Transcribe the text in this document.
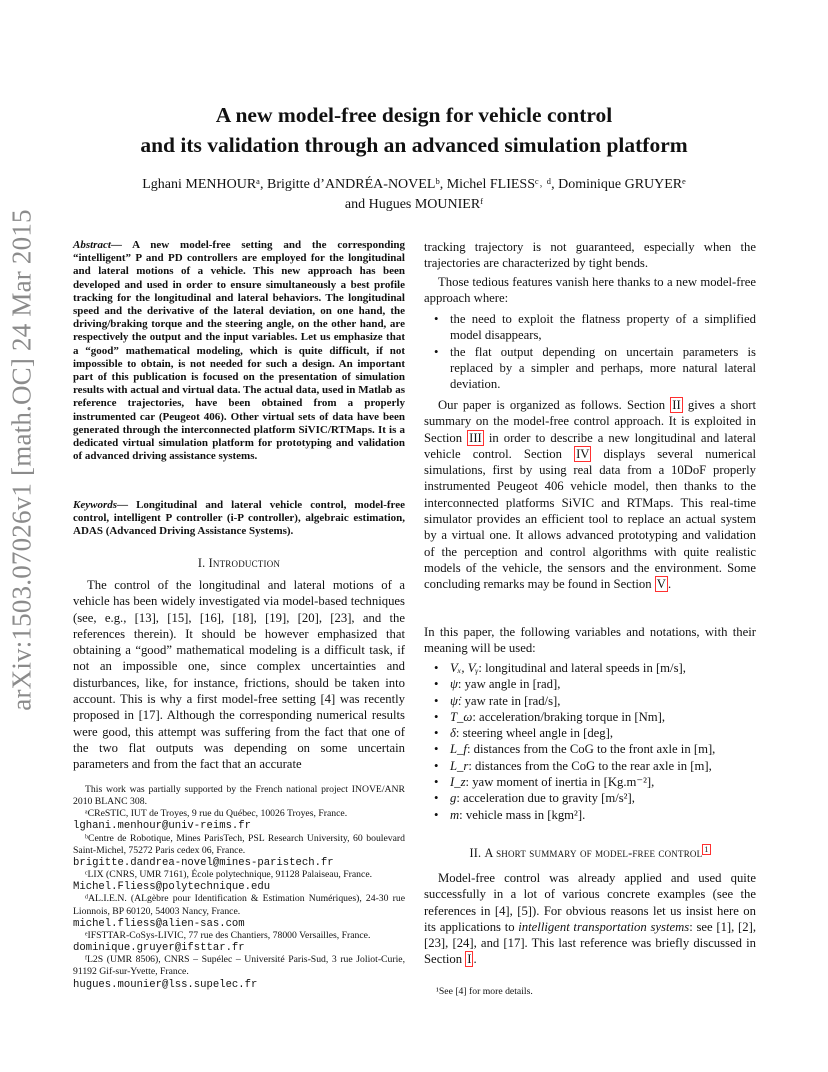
arXiv:1503.07026v1 [math.OC] 24 Mar 2015
A new model-free design for vehicle control
and its validation through an advanced simulation platform
Lghani MENHOURᵃ, Brigitte d’ANDRÉA-NOVELᵇ, Michel FLIESSᶜ˒ ᵈ, Dominique GRUYERᵉ
and Hugues MOUNIERᶠ
Abstract— A new model-free setting and the corresponding “intelligent” P and PD controllers are employed for the longitudinal and lateral motions of a vehicle. This new approach has been developed and used in order to ensure simultaneously a best profile tracking for the longitudinal and lateral behaviors. The longitudinal speed and the derivative of the lateral deviation, on one hand, the driving/braking torque and the steering angle, on the other hand, are respectively the output and the input variables. Let us emphasize that a “good” mathematical modeling, which is quite difficult, if not impossible to obtain, is not needed for such a design. An important part of this publication is focused on the presentation of simulation results with actual and virtual data. The actual data, used in Matlab as reference trajectories, have been obtained from a properly instrumented car (Peugeot 406). Other virtual sets of data have been generated through the interconnected platform SiVIC/RTMaps. It is a dedicated virtual simulation platform for prototyping and validation of advanced driving assistance systems.
Keywords— Longitudinal and lateral vehicle control, model-free control, intelligent P controller (i-P controller), algebraic estimation, ADAS (Advanced Driving Assistance Systems).
I. Introduction

The control of the longitudinal and lateral motions of a vehicle has been widely investigated via model-based techniques (see, e.g., [13], [15], [16], [18], [19], [20], [23], and the references therein). It should be however emphasized that obtaining a “good” mathematical modeling is a difficult task, if not an impossible one, since complex uncertainties and disturbances, like, for instance, frictions, should be taken into account. This is why a first model-free setting [4] was recently proposed in [17]. Although the corresponding numerical results were good, this attempt was suffering from the fact that one of the two flat outputs was depending on some uncertain parameters and from the fact that an accurate

This work was partially supported by the French national project INOVE/ANR 2010 BLANC 308.

ᵃCReSTIC, IUT de Troyes, 9 rue du Québec, 10026 Troyes, France.

lghani.menhour@univ-reims.fr

ᵇCentre de Robotique, Mines ParisTech, PSL Research University, 60 boulevard Saint-Michel, 75272 Paris cedex 06, France.

brigitte.dandrea-novel@mines-paristech.fr

ᶜLIX (CNRS, UMR 7161), École polytechnique, 91128 Palaiseau, France.

Michel.Fliess@polytechnique.edu

ᵈAL.I.E.N. (ALgèbre pour Identification & Estimation Numériques), 24-30 rue Lionnois, BP 60120, 54003 Nancy, France.

michel.fliess@alien-sas.com

ᵉIFSTTAR-CoSys-LIVIC, 77 rue des Chantiers, 78000 Versailles, France.

dominique.gruyer@ifsttar.fr

ᶠL2S (UMR 8506), CNRS – Supélec – Université Paris-Sud, 3 rue Joliot-Curie, 91192 Gif-sur-Yvette, France.

hugues.mounier@lss.supelec.fr

tracking trajectory is not guaranteed, especially when the trajectories are characterized by tight bends.

Those tedious features vanish here thanks to a new model-free approach where:

• the need to exploit the flatness property of a simplified model disappears,
• the flat output depending on uncertain parameters is replaced by a simpler and perhaps, more natural lateral deviation.

Our paper is organized as follows. Section II gives a short summary on the model-free control approach. It is exploited in Section III in order to describe a new longitudinal and lateral vehicle control. Section IV displays several numerical simulations, first by using real data from a 10DoF properly instrumented Peugeot 406 vehicle model, then thanks to the interconnected platforms SiVIC and RTMaps. This real-time simulator provides an efficient tool to replace an actual system by a virtual one. It allows advanced prototyping and validation of the perception and control algorithms with quite realistic models of the vehicle, the sensors and the environment. Some concluding remarks may be found in Section V .

In this paper, the following variables and notations, with their meaning will be used:

• Vₓ, Vᵧ: longitudinal and lateral speeds in [m/s],
• ψ: yaw angle in [rad],
• ψ̇: yaw rate in [rad/s],
• T_ω: acceleration/braking torque in [Nm],
• δ: steering wheel angle in [deg],
• L_f: distances from the CoG to the front axle in [m],
• L_r: distances from the CoG to the rear axle in [m],
• I_z: yaw moment of inertia in [Kg.m⁻²],
• g: acceleration due to gravity [m/s²],
• m: vehicle mass in [kgm²].
II. A short summary of model-free control $^1$

Model-free control was already applied and used quite successfully in a lot of various concrete examples (see the references in [4], [5]). For obvious reasons let us insist here on its applications to intelligent transportation systems: see [1], [2], [23], [24], and [17]. This last reference was briefly discussed in Section I .

¹See [4] for more details.
